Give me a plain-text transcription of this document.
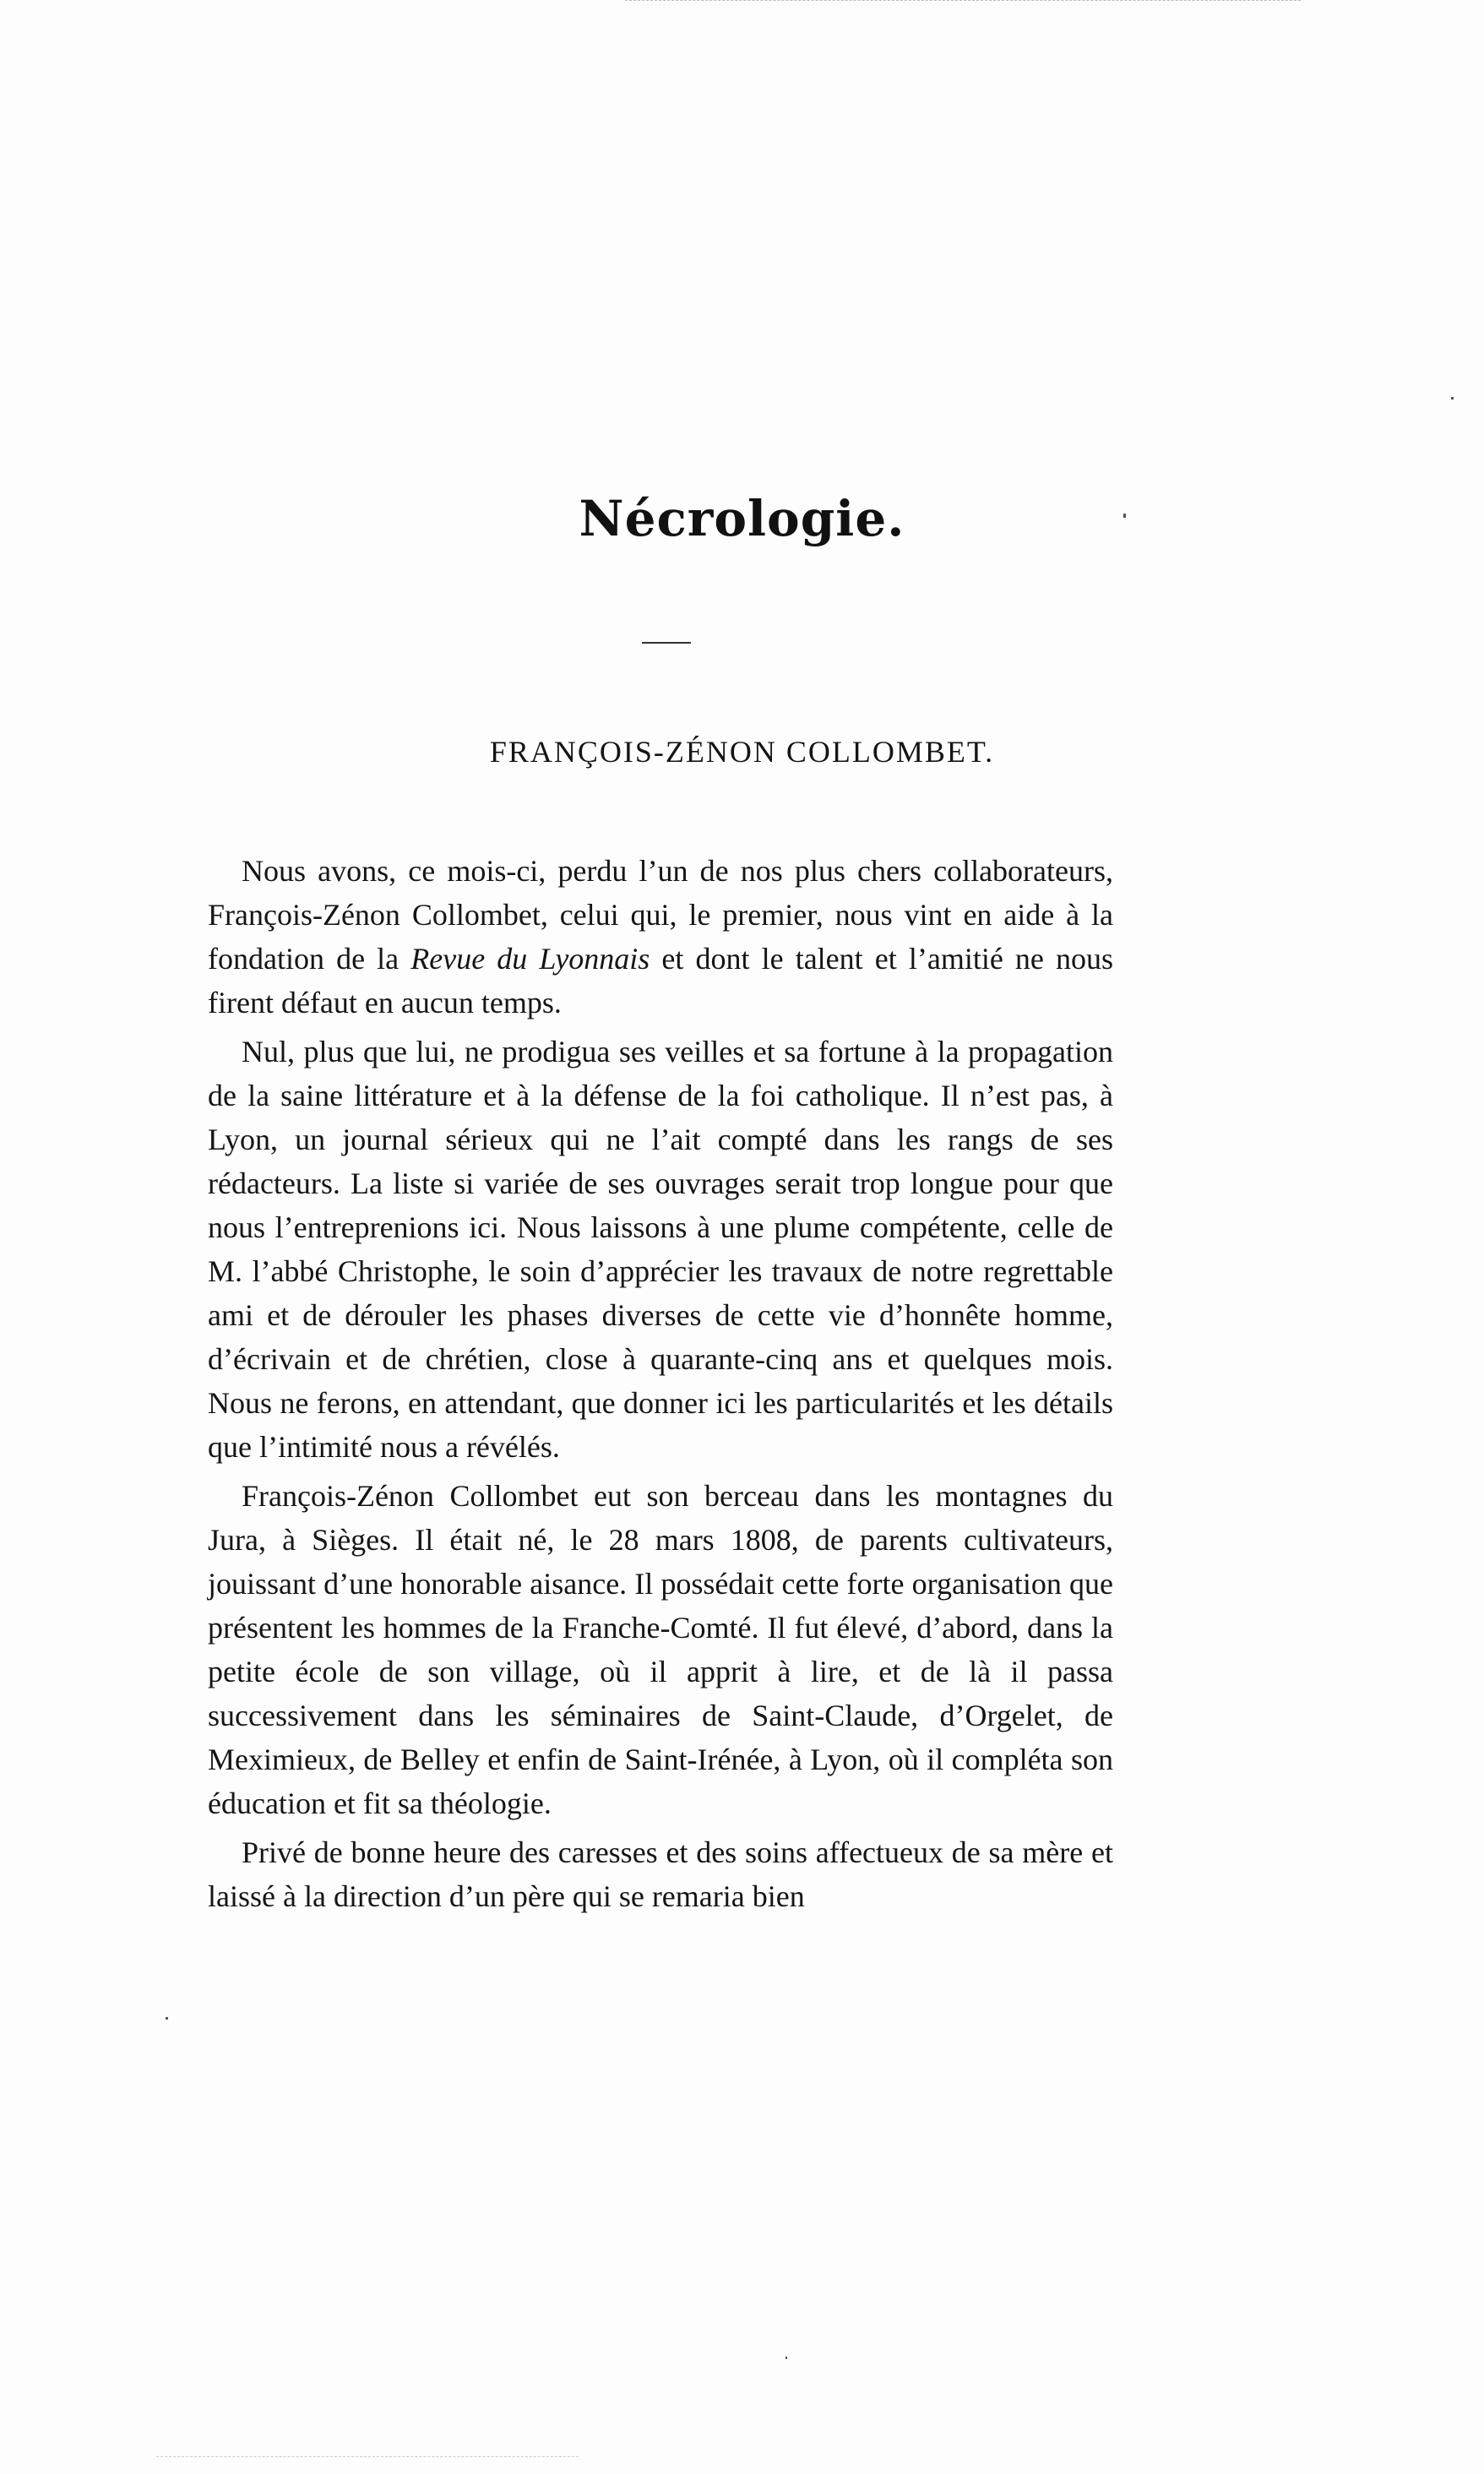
Nécrologie.
FRANÇOIS-ZÉNON COLLOMBET.

Nous avons, ce mois-ci, perdu l’un de nos plus chers collaborateurs, François-Zénon Collombet, celui qui, le premier, nous vint en aide à la fondation de la Revue du Lyonnais et dont le talent et l’amitié ne nous firent défaut en aucun temps.

Nul, plus que lui, ne prodigua ses veilles et sa fortune à la propagation de la saine littérature et à la défense de la foi catholique. Il n’est pas, à Lyon, un journal sérieux qui ne l’ait compté dans les rangs de ses rédacteurs. La liste si variée de ses ouvrages serait trop longue pour que nous l’entreprenions ici. Nous laissons à une plume compétente, celle de M. l’abbé Christophe, le soin d’apprécier les travaux de notre regrettable ami et de dérouler les phases diverses de cette vie d’honnête homme, d’écrivain et de chrétien, close à quarante-cinq ans et quelques mois. Nous ne ferons, en attendant, que donner ici les particularités et les détails que l’intimité nous a révélés.

François-Zénon Collombet eut son berceau dans les montagnes du Jura, à Sièges. Il était né, le 28 mars 1808, de parents cultivateurs, jouissant d’une honorable aisance. Il possédait cette forte organisation que présentent les hommes de la Franche-Comté. Il fut élevé, d’abord, dans la petite école de son village, où il apprit à lire, et de là il passa successivement dans les séminaires de Saint-Claude, d’Orgelet, de Meximieux, de Belley et enfin de Saint-Irénée, à Lyon, où il compléta son éducation et fit sa théologie.

Privé de bonne heure des caresses et des soins affectueux de sa mère et laissé à la direction d’un père qui se remaria bien
